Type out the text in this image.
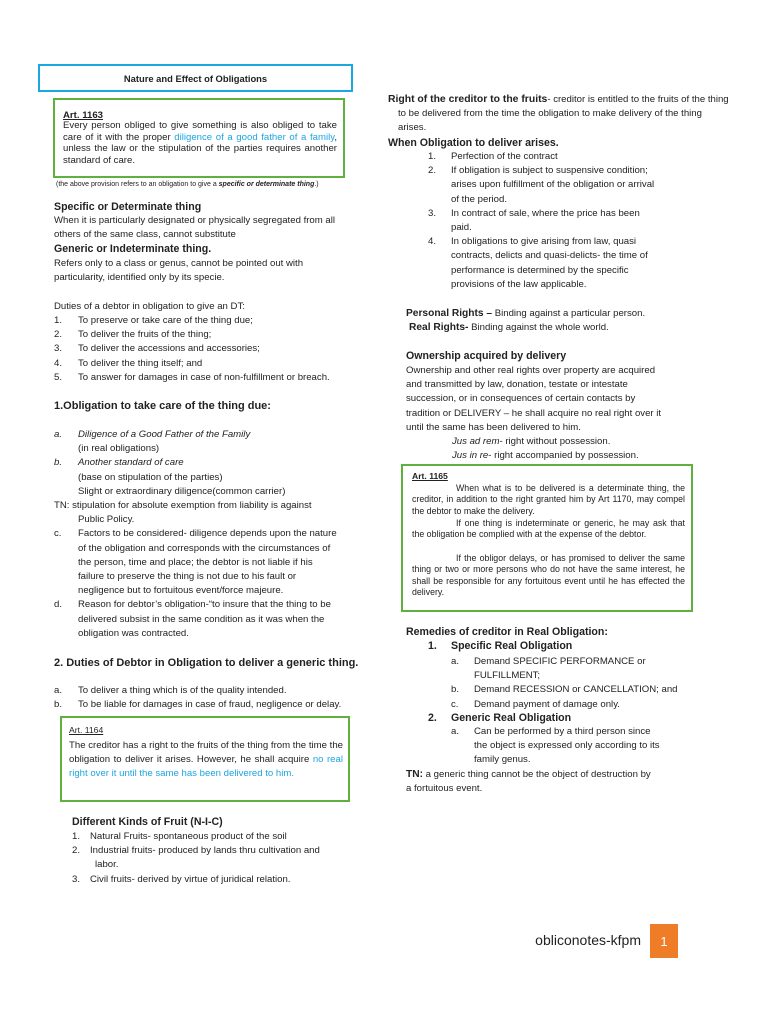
Nature and Effect of Obligations
Art. 1163
Every person obliged to give something is also obliged to take care of it with the proper diligence of a good father of a family, unless the law or the stipulation of the parties requires another standard of care.
(the above provision refers to an obligation to give a specific or determinate thing.)
Specific or Determinate thing
When it is particularly designated or physically segregated from all others of the same class, cannot substitute
Generic or Indeterminate thing.
Refers only to a class or genus, cannot be pointed out with particularity, identified only by its specie.
Duties of a debtor in obligation to give an DT:
1.	To preserve or take care of the thing due;
2.	To deliver the fruits of the thing;
3.	To deliver the accessions and accessories;
4.	To deliver the thing itself; and
5.	To answer for damages in case of non-fulfillment or breach.
1.Obligation to take care of the thing due:
a.	Diligence of a Good Father of the Family
(in real obligations)
b.	Another standard of care
(base on stipulation of the parties)
Slight or extraordinary diligence(common carrier)
TN: stipulation for absolute exemption from liability is against
Public Policy.
c.	Factors to be considered- diligence depends upon the nature
of the obligation and corresponds with the circumstances of
the person, time and place; the debtor is not liable if his
failure to preserve the thing is not due to his fault or
negligence but to fortuitous event/force majeure.
d.	Reason for debtor’s obligation-“to insure that the thing to be
delivered subsist in the same condition as it was when the
obligation was contracted.
2. Duties of Debtor in Obligation to deliver a generic thing.
a.	To deliver a thing which is of the quality intended.
b.	To be liable for damages in case of fraud, negligence or delay.
Art. 1164
The creditor has a right to the fruits of the thing from the time the obligation to deliver it arises. However, he shall acquire no real right over it until the same has been delivered to him.
Different Kinds of Fruit (N-I-C)
1.	Natural Fruits- spontaneous product of the soil
2.	Industrial fruits- produced by lands thru cultivation and
labor.
3.	Civil fruits- derived by virtue of juridical relation.
Right of the creditor to the fruits- creditor is entitled to the fruits of the thing
to be delivered from the time the obligation to make delivery of the thing
arises.
When Obligation to deliver arises.
1.	Perfection of the contract
2.	If obligation is subject to suspensive condition;
arises upon fulfillment of the obligation or arrival
of the period.
3.	In contract of sale, where the price has been
paid.
4.	In obligations to give arising from law, quasi
contracts, delicts and quasi-delicts- the time of
performance is determined by the specific
provisions of the law applicable.
Personal Rights – Binding against a particular person.
Real Rights- Binding against the whole world.
Ownership acquired by delivery
Ownership and other real rights over property are acquired
and transmitted by law, donation, testate or intestate
succession, or in consequences of certain contacts by
tradition or DELIVERY – he shall acquire no real right over it
until the same has been delivered to him.
Jus ad rem- right without possession.
Jus in re- right accompanied by possession.
Art. 1165
When what is to be delivered is a determinate thing, the creditor, in addition to the right granted him by Art 1170, may compel the debtor to make the delivery.
If one thing is indeterminate or generic, he may ask that the obligation be complied with at the expense of the debtor.
If the obligor delays, or has promised to deliver the same thing or two or more persons who do not have the same interest, he shall be responsible for any fortuitous event until he has effected the delivery.
Remedies of creditor in Real Obligation:
1. Specific Real Obligation
a.	Demand SPECIFIC PERFORMANCE or
FULFILLMENT;
b.	Demand RECESSION or CANCELLATION; and
c.	Demand payment of damage only.
2. Generic Real Obligation
a.	Can be performed by a third person since
the object is expressed only according to its
family genus.
TN: a generic thing cannot be the object of destruction by
a fortuitous event.
obliconotes-kfpm	1
